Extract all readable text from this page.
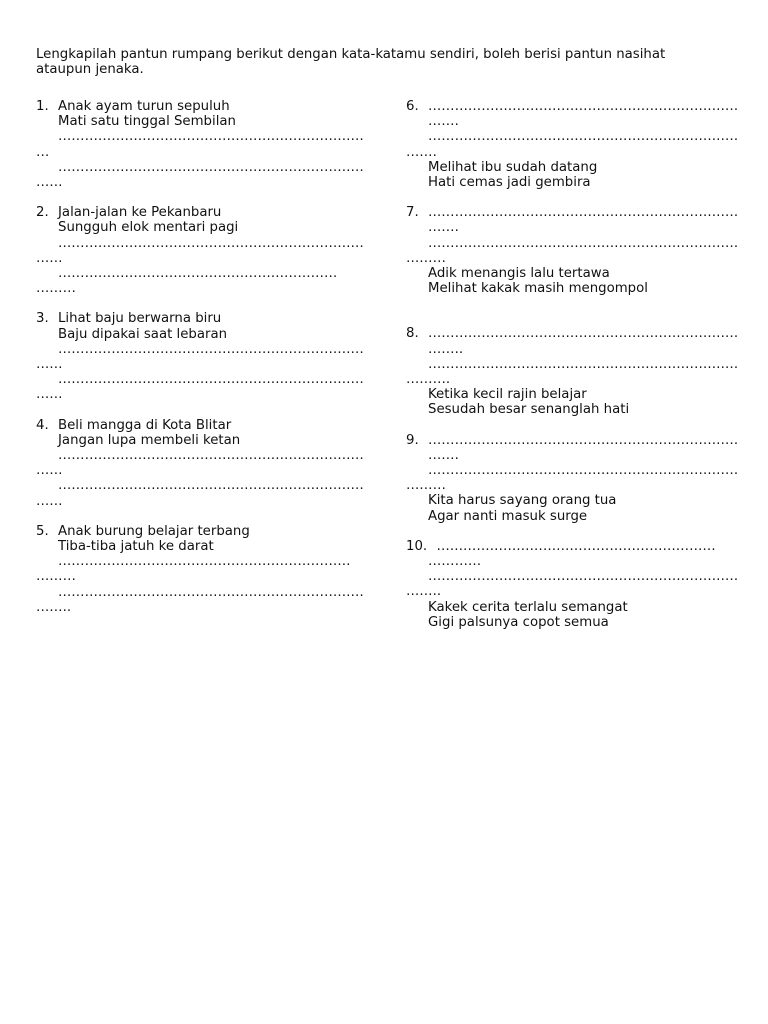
Lengkapilah pantun rumpang berikut dengan kata-katamu sendiri, boleh berisi pantun nasihat ataupun jenaka.
1. Anak ayam turun sepuluh
Mati satu tinggal Sembilan
……………………………………………………………
…
……………………………………………………………
……
2. Jalan-jalan ke Pekanbaru
Sungguh elok mentari pagi
……………………………………………………………
……
………………………………………………………
………
3. Lihat baju berwarna biru
Baju dipakai saat lebaran
……………………………………………………………
……
……………………………………………………………
……
4. Beli mangga di Kota Blitar
Jangan lupa membeli ketan
……………………………………………………………
……
……………………………………………………………
……
5. Anak burung belajar terbang
Tiba-tiba jatuh ke darat
…………………………………………………………
………
……………………………………………………………
……..
6. …………………………………………………………….
…….
…………………………………………………………….
…….
Melihat ibu sudah datang
Hati cemas jadi gembira
7. …………………………………………………………….
…….
…………………………………………………………….
………
Adik menangis lalu tertawa
Melihat kakak masih mengompol
8. …………………………………………………………….
……..
…………………………………………………………….
……….
Ketika kecil rajin belajar
Sesudah besar senanglah hati
9. …………………………………………………………….
…….
…………………………………………………………….
………
Kita harus sayang orang tua
Agar nanti masuk surge
10. ………………………………………………………
…………
…………………………………………………………….
……..
Kakek cerita terlalu semangat
Gigi palsunya copot semua
